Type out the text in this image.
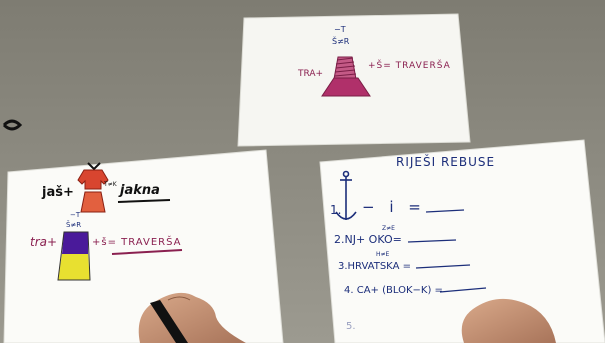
−T
Š≠R
TRA+
+Š= TRAVERŠA
jaš+
T≠K jakna
−T
Š≠R
tra+	+š= TRAVERŠA
RIJEŠI REBUSE
1. − i =
Z≠E
2.NJ+ OKO=
H≠E
3.HRVATSKA =
4. CA+ (BLOK−K) =
5.
